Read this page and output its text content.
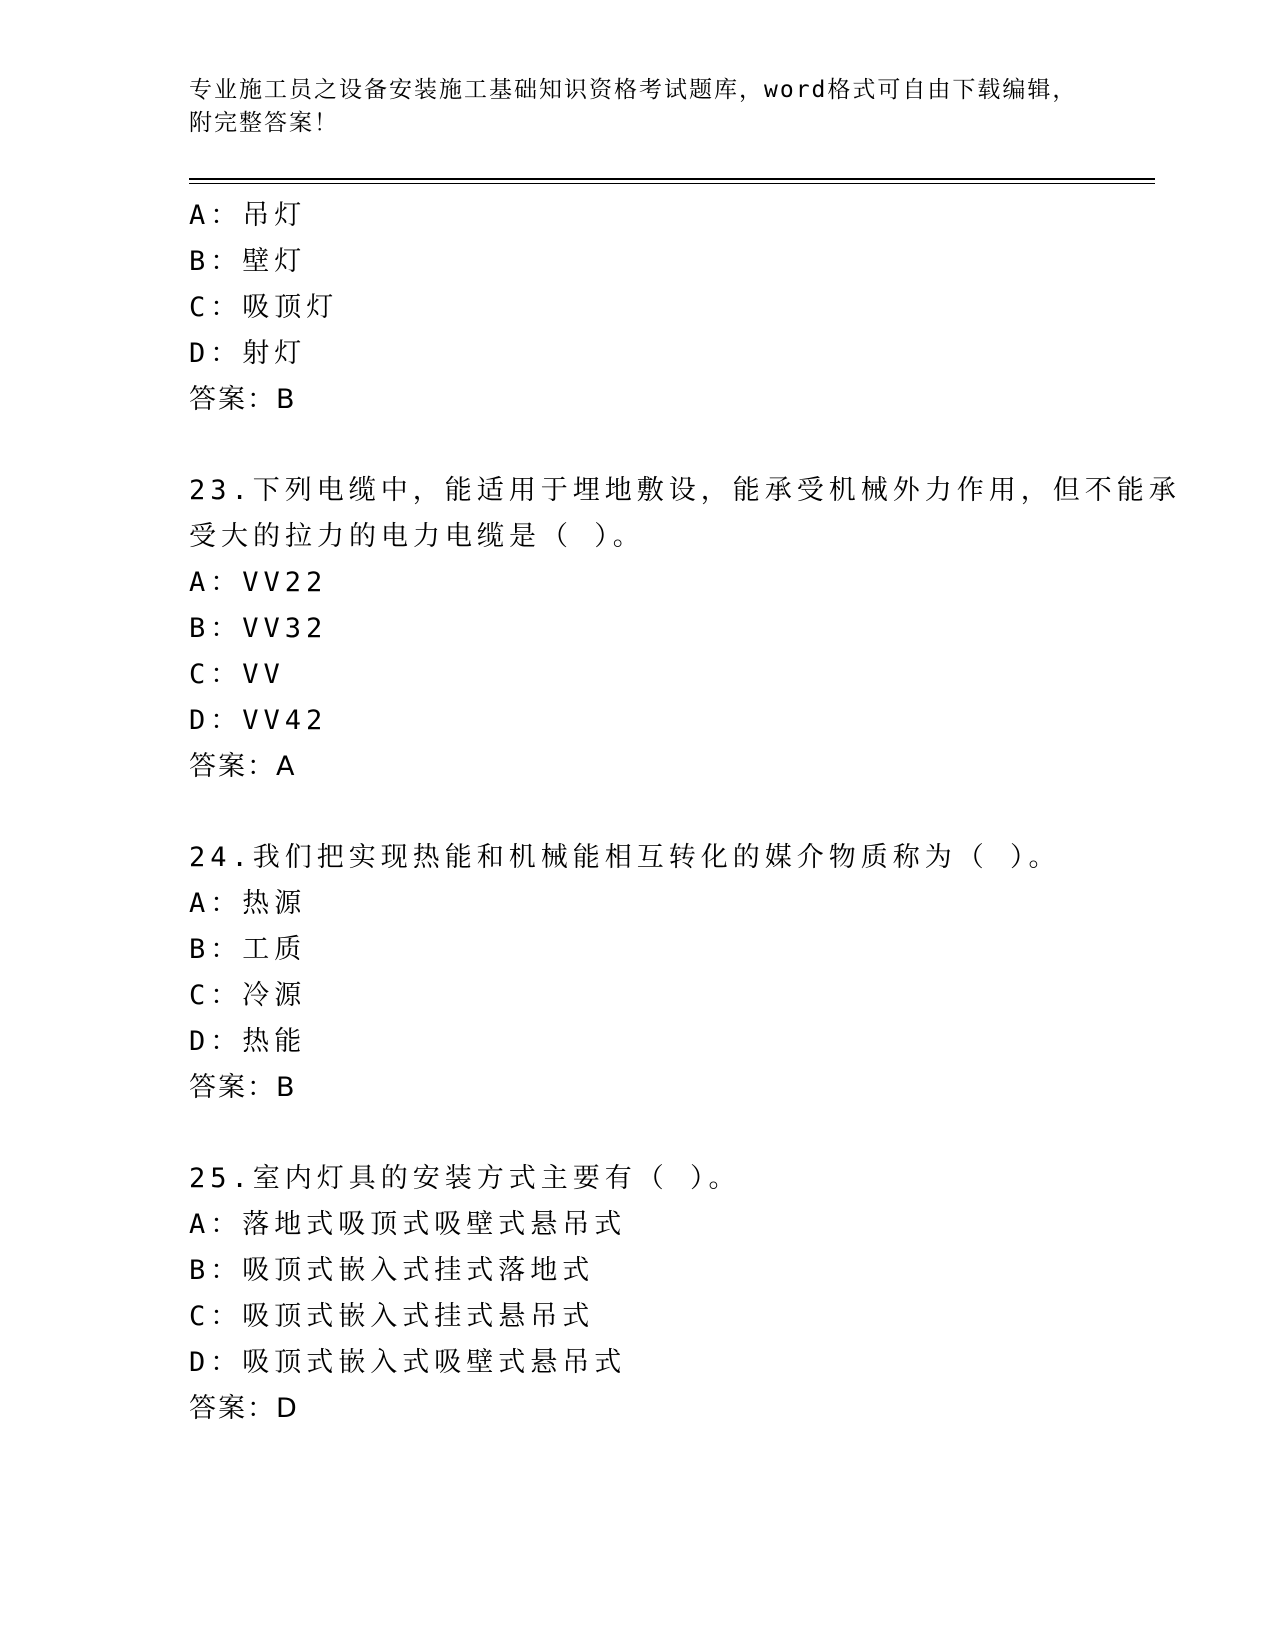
专业施工员之设备安装施工基础知识资格考试题库，word格式可自由下载编辑，
附完整答案！
A：吊灯
B：壁灯
C：吸顶灯
D：射灯
答案：B
23.下列电缆中，能适用于埋地敷设，能承受机械外力作用，但不能承
受大的拉力的电力电缆是（ ）。
A：VV22
B：VV32
C：VV
D：VV42
答案：A
24.我们把实现热能和机械能相互转化的媒介物质称为（ ）。
A：热源
B：工质
C：冷源
D：热能
答案：B
25.室内灯具的安装方式主要有（ ）。
A：落地式吸顶式吸壁式悬吊式
B：吸顶式嵌入式挂式落地式
C：吸顶式嵌入式挂式悬吊式
D：吸顶式嵌入式吸壁式悬吊式
答案：D
